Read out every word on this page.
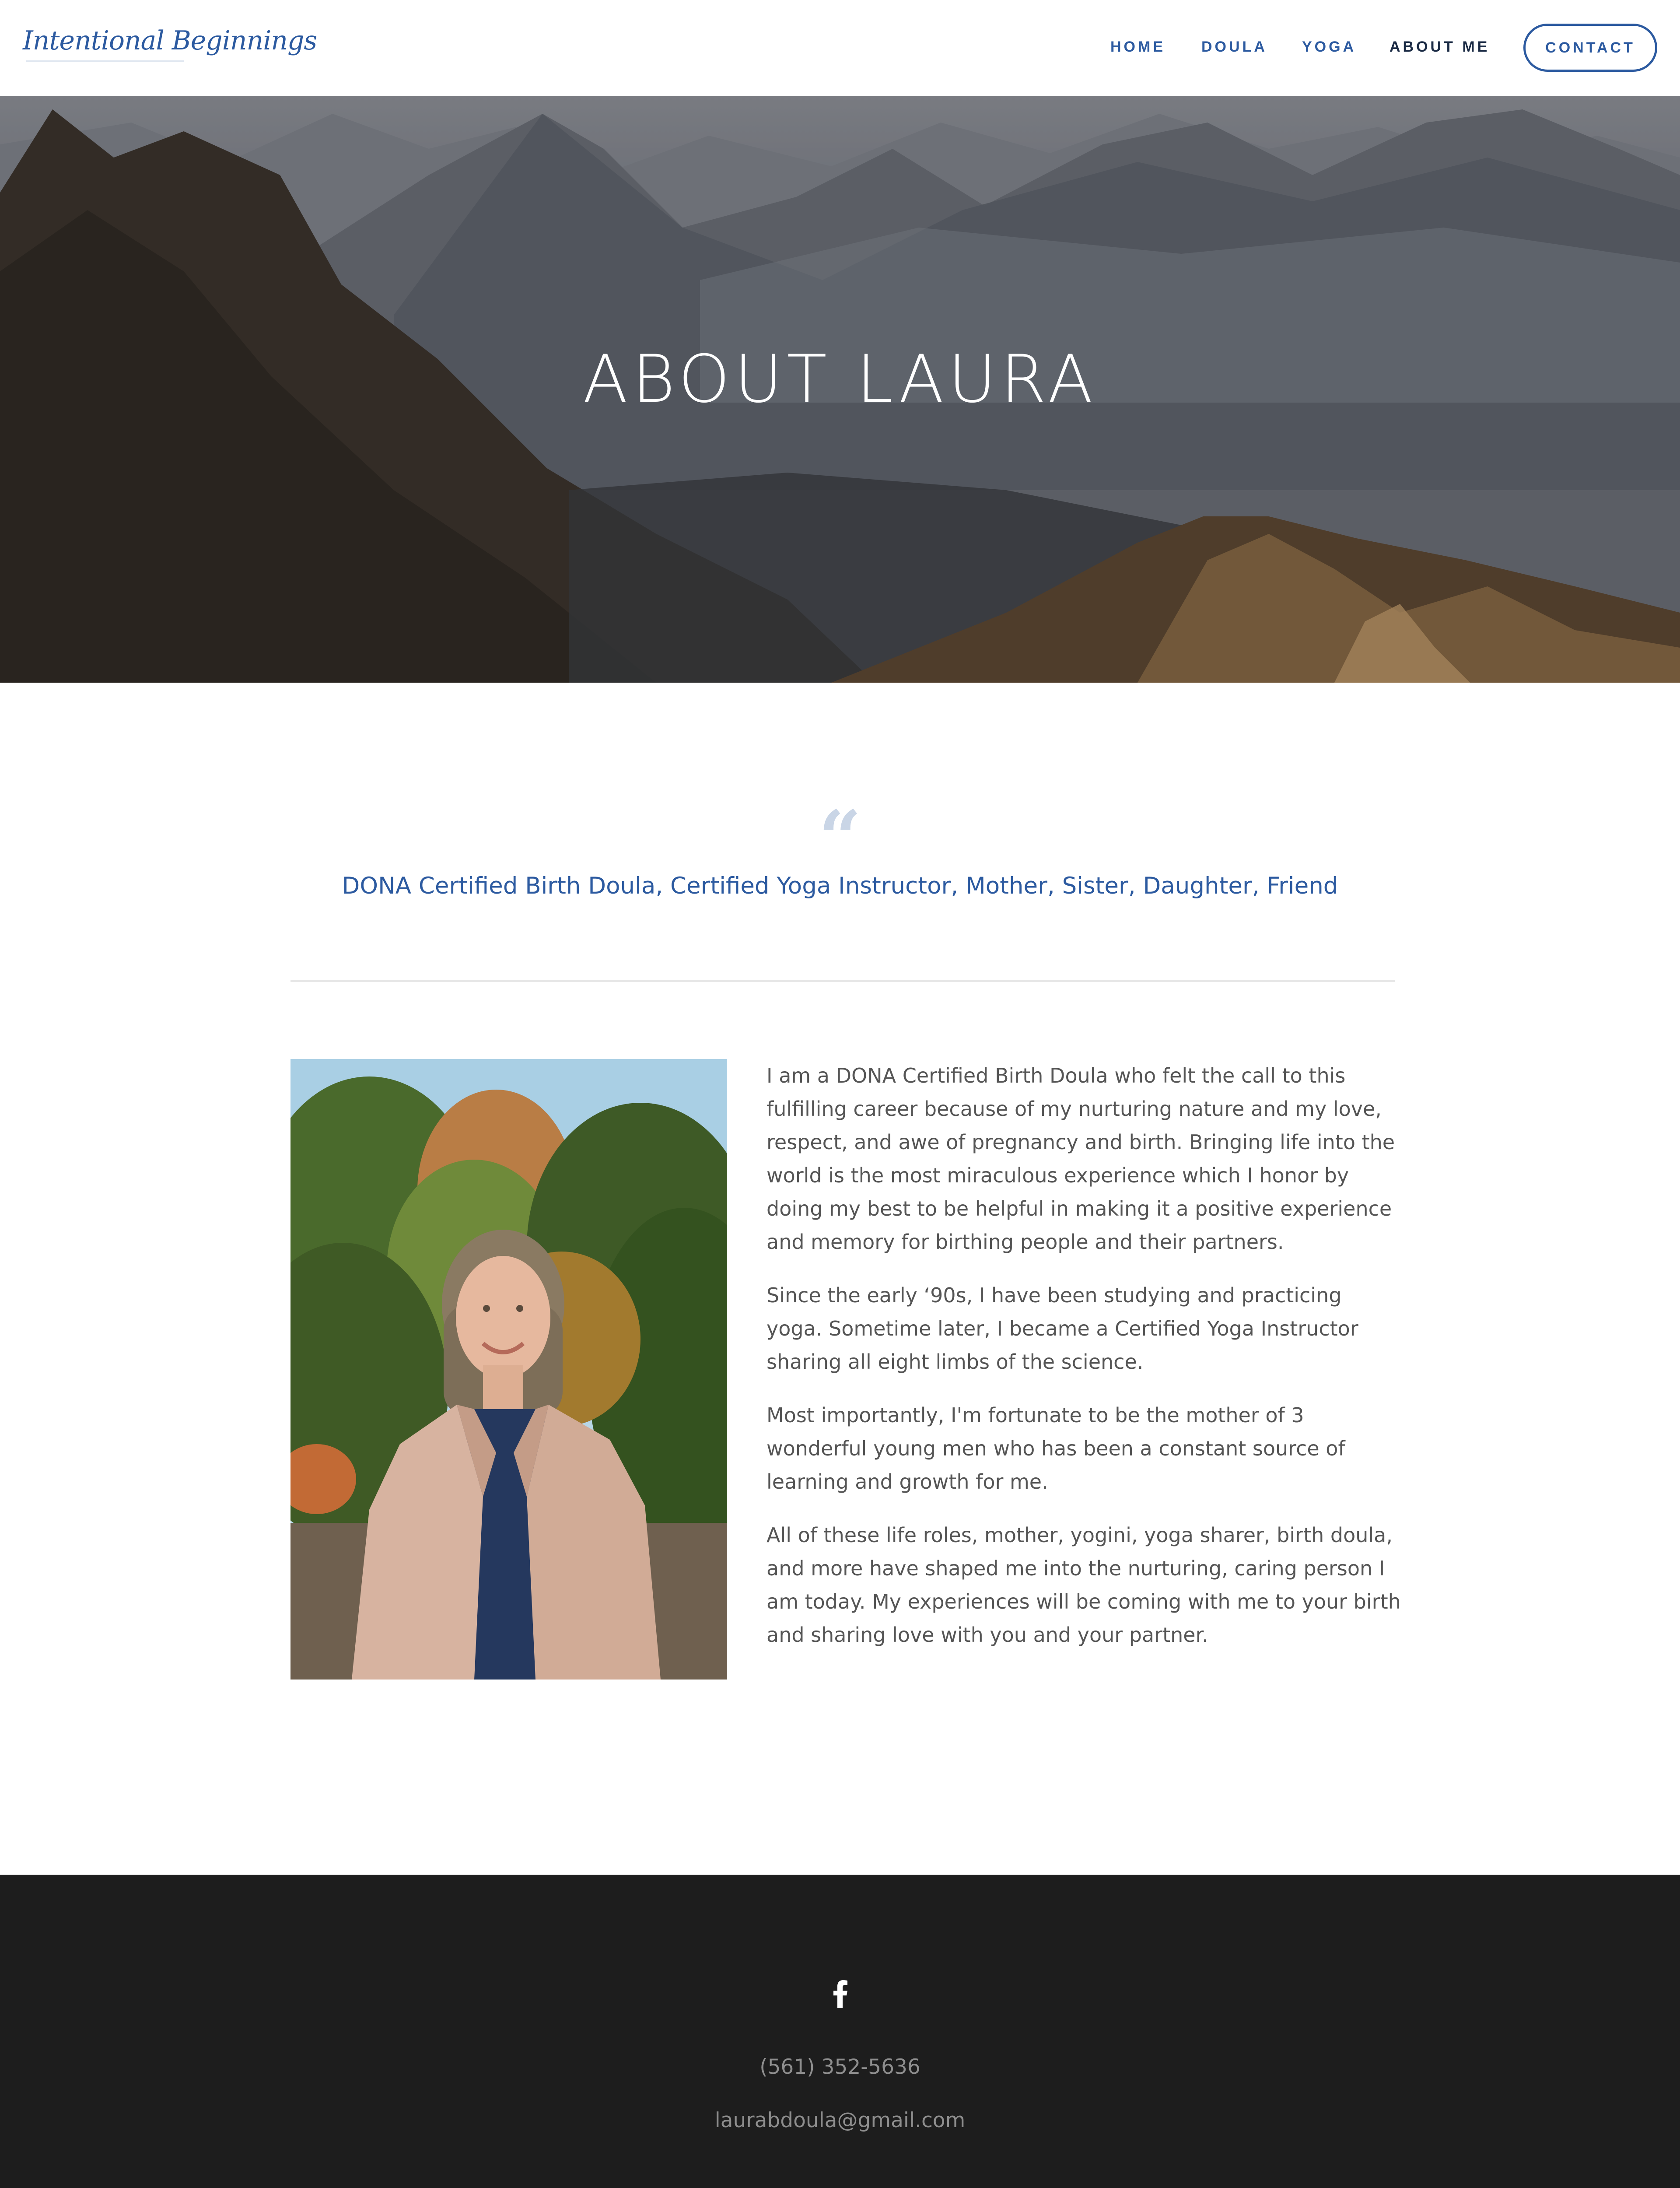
Intentional Beginnings	HOME DOULA YOGA ABOUT ME	CONTACT
ABOUT LAURA
“
DONA Certified Birth Doula, Certified Yoga Instructor, Mother, Sister, Daughter, Friend

I am a DONA Certified Birth Doula who felt the call to this fulfilling career because of my nurturing nature and my love, respect, and awe of pregnancy and birth. Bringing life into the world is the most miraculous experience which I honor by doing my best to be helpful in making it a positive experience and memory for birthing people and their partners.

Since the early ‘90s, I have been studying and practicing yoga. Sometime later, I became a Certified Yoga Instructor sharing all eight limbs of the science.

Most importantly, I'm fortunate to be the mother of 3 wonderful young men who has been a constant source of learning and growth for me.

All of these life roles, mother, yogini, yoga sharer, birth doula, and more have shaped me into the nurturing, caring person I am today. My experiences will be coming with me to your birth and sharing love with you and your partner.

(561) 352-5636
laurabdoula@gmail.com
